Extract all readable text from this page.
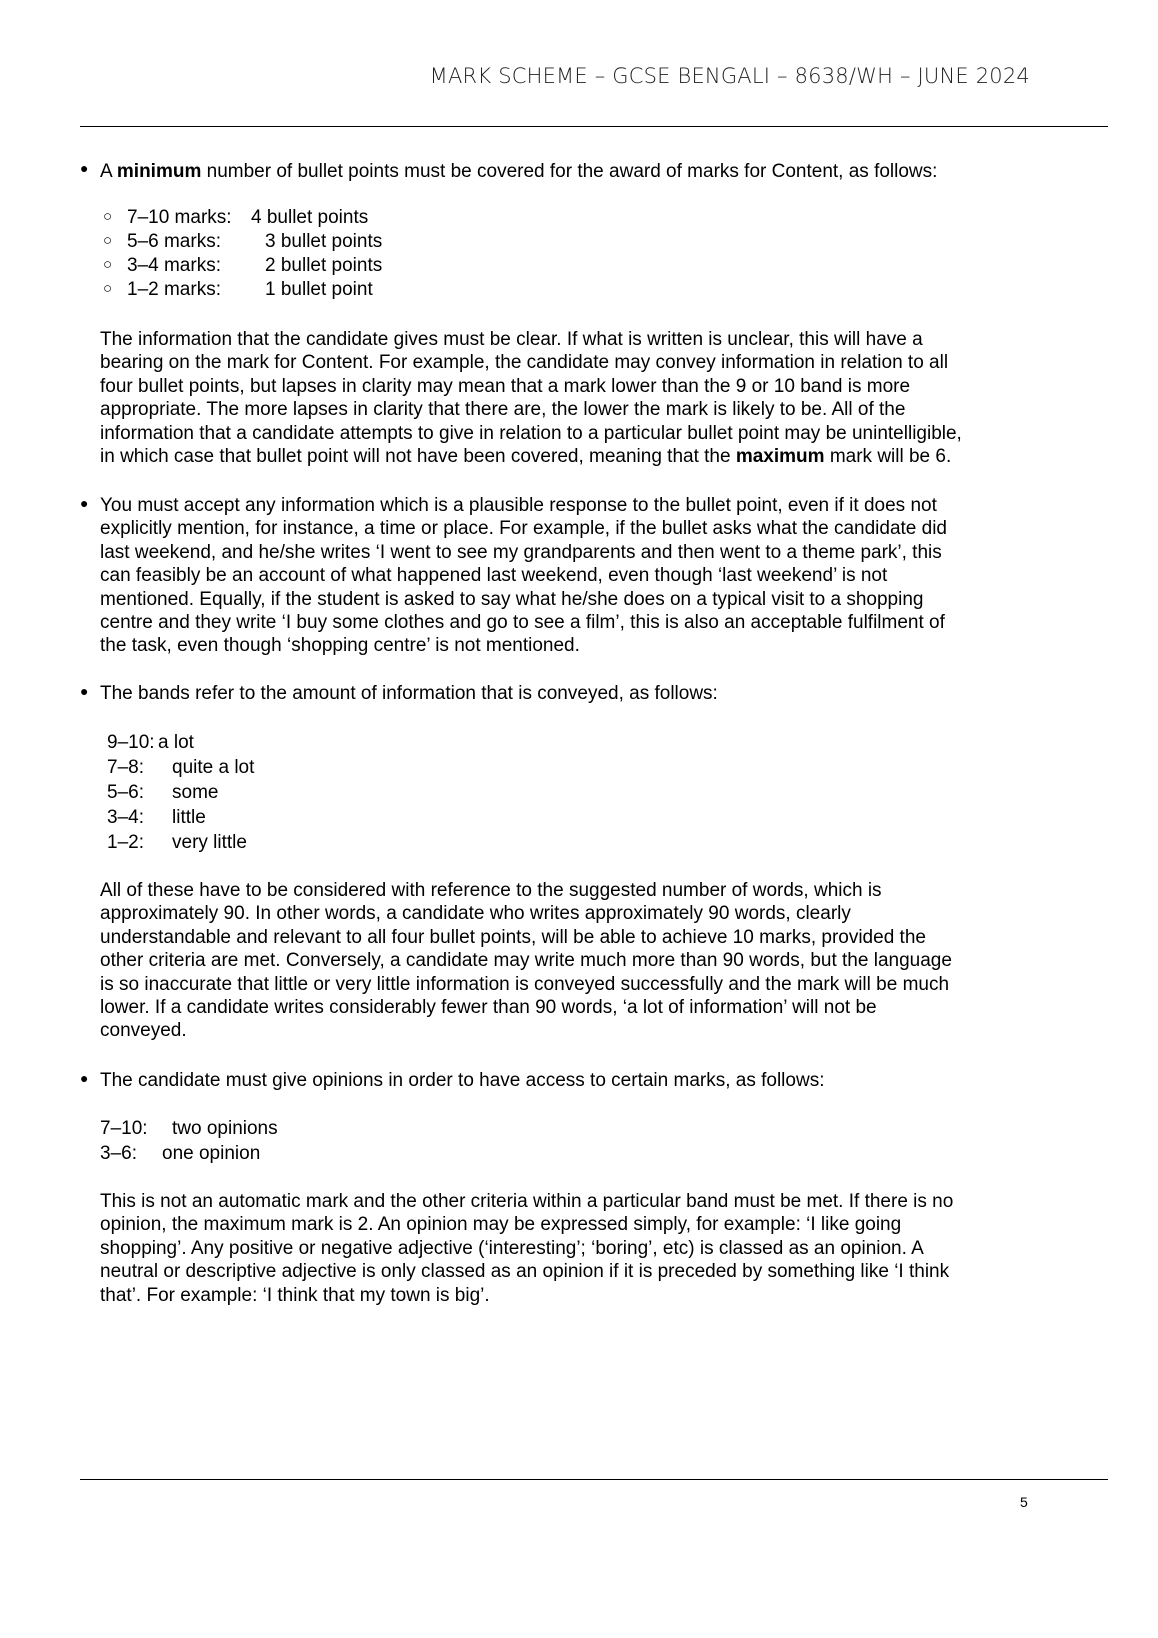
MARK SCHEME – GCSE BENGALI – 8638/WH – JUNE 2024
● A minimum number of bullet points must be covered for the award of marks for Content, as follows:
○ 7–10 marks: 4 bullet points
○ 5–6 marks: 3 bullet points
○ 3–4 marks: 2 bullet points
○ 1–2 marks: 1 bullet point
The information that the candidate gives must be clear. If what is written is unclear, this will have a
bearing on the mark for Content. For example, the candidate may convey information in relation to all
four bullet points, but lapses in clarity may mean that a mark lower than the 9 or 10 band is more
appropriate. The more lapses in clarity that there are, the lower the mark is likely to be. All of the
information that a candidate attempts to give in relation to a particular bullet point may be unintelligible,
in which case that bullet point will not have been covered, meaning that the maximum mark will be 6.
● You must accept any information which is a plausible response to the bullet point, even if it does not
explicitly mention, for instance, a time or place. For example, if the bullet asks what the candidate did
last weekend, and he/she writes ‘I went to see my grandparents and then went to a theme park’, this
can feasibly be an account of what happened last weekend, even though ‘last weekend’ is not
mentioned. Equally, if the student is asked to say what he/she does on a typical visit to a shopping
centre and they write ‘I buy some clothes and go to see a film’, this is also an acceptable fulfilment of
the task, even though ‘shopping centre’ is not mentioned.
● The bands refer to the amount of information that is conveyed, as follows:
9–10: a lot
7–8: quite a lot
5–6: some
3–4: little
1–2: very little
All of these have to be considered with reference to the suggested number of words, which is
approximately 90. In other words, a candidate who writes approximately 90 words, clearly
understandable and relevant to all four bullet points, will be able to achieve 10 marks, provided the
other criteria are met. Conversely, a candidate may write much more than 90 words, but the language
is so inaccurate that little or very little information is conveyed successfully and the mark will be much
lower. If a candidate writes considerably fewer than 90 words, ‘a lot of information’ will not be
conveyed.
● The candidate must give opinions in order to have access to certain marks, as follows:
7–10: two opinions
3–6: one opinion
This is not an automatic mark and the other criteria within a particular band must be met. If there is no
opinion, the maximum mark is 2. An opinion may be expressed simply, for example: ‘I like going
shopping’. Any positive or negative adjective (‘interesting’; ‘boring’, etc) is classed as an opinion. A
neutral or descriptive adjective is only classed as an opinion if it is preceded by something like ‘I think
that’. For example: ‘I think that my town is big’.
5
